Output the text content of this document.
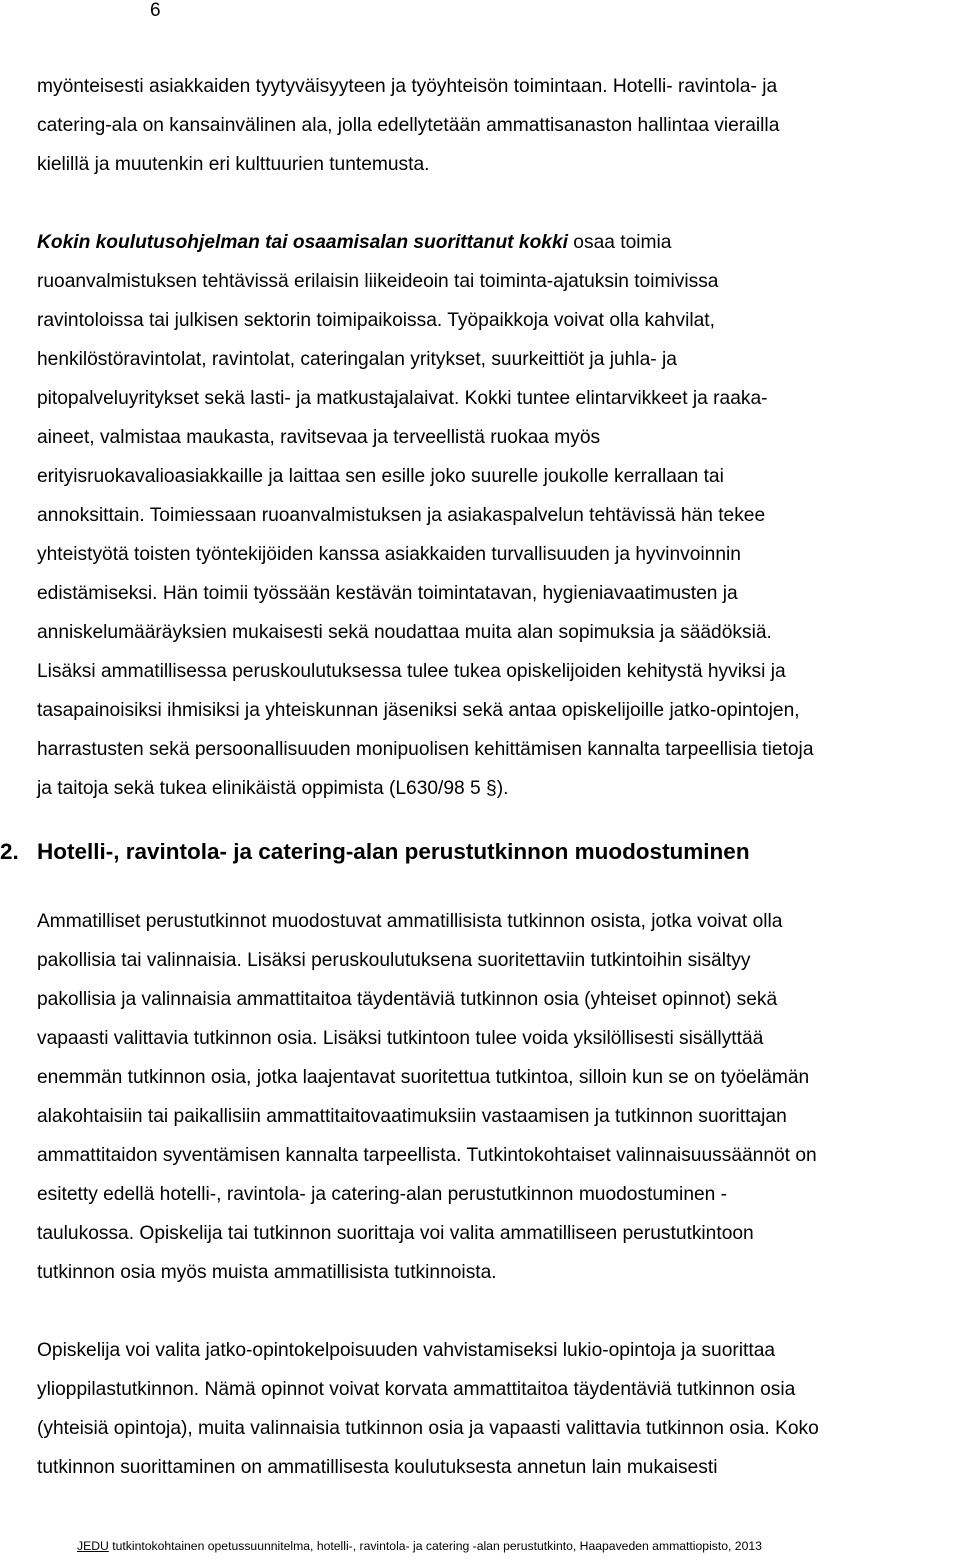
6

myönteisesti asiakkaiden tyytyväisyyteen ja työyhteisön toimintaan. Hotelli- ravintola- ja
catering-ala on kansainvälinen ala, jolla edellytetään ammattisanaston hallintaa vierailla
kielillä ja muutenkin eri kulttuurien tuntemusta.

Kokin koulutusohjelman tai osaamisalan suorittanut kokki osaa toimia
ruoanvalmistuksen tehtävissä erilaisin liikeideoin tai toiminta-ajatuksin toimivissa
ravintoloissa tai julkisen sektorin toimipaikoissa. Työpaikkoja voivat olla kahvilat,
henkilöstöravintolat, ravintolat, cateringalan yritykset, suurkeittiöt ja juhla- ja
pitopalveluyritykset sekä lasti- ja matkustajalaivat. Kokki tuntee elintarvikkeet ja raaka-
aineet, valmistaa maukasta, ravitsevaa ja terveellistä ruokaa myös
erityisruokavalioasiakkaille ja laittaa sen esille joko suurelle joukolle kerrallaan tai
annoksittain. Toimiessaan ruoanvalmistuksen ja asiakaspalvelun tehtävissä hän tekee
yhteistyötä toisten työntekijöiden kanssa asiakkaiden turvallisuuden ja hyvinvoinnin
edistämiseksi. Hän toimii työssään kestävän toimintatavan, hygieniavaatimusten ja
anniskelumääräyksien mukaisesti sekä noudattaa muita alan sopimuksia ja säädöksiä.
Lisäksi ammatillisessa peruskoulutuksessa tulee tukea opiskelijoiden kehitystä hyviksi ja
tasapainoisiksi ihmisiksi ja yhteiskunnan jäseniksi sekä antaa opiskelijoille jatko-opintojen,
harrastusten sekä persoonallisuuden monipuolisen kehittämisen kannalta tarpeellisia tietoja
ja taitoja sekä tukea elinikäistä oppimista (L630/98 5 §).

2. Hotelli-, ravintola- ja catering-alan perustutkinnon muodostuminen

Ammatilliset perustutkinnot muodostuvat ammatillisista tutkinnon osista, jotka voivat olla
pakollisia tai valinnaisia. Lisäksi peruskoulutuksena suoritettaviin tutkintoihin sisältyy
pakollisia ja valinnaisia ammattitaitoa täydentäviä tutkinnon osia (yhteiset opinnot) sekä
vapaasti valittavia tutkinnon osia. Lisäksi tutkintoon tulee voida yksilöllisesti sisällyttää
enemmän tutkinnon osia, jotka laajentavat suoritettua tutkintoa, silloin kun se on työelämän
alakohtaisiin tai paikallisiin ammattitaitovaatimuksiin vastaamisen ja tutkinnon suorittajan
ammattitaidon syventämisen kannalta tarpeellista. Tutkintokohtaiset valinnaisuussäännöt on
esitetty edellä hotelli-, ravintola- ja catering-alan perustutkinnon muodostuminen -
taulukossa. Opiskelija tai tutkinnon suorittaja voi valita ammatilliseen perustutkintoon
tutkinnon osia myös muista ammatillisista tutkinnoista.

Opiskelija voi valita jatko-opintokelpoisuuden vahvistamiseksi lukio-opintoja ja suorittaa
ylioppilastutkinnon. Nämä opinnot voivat korvata ammattitaitoa täydentäviä tutkinnon osia
(yhteisiä opintoja), muita valinnaisia tutkinnon osia ja vapaasti valittavia tutkinnon osia. Koko
tutkinnon suorittaminen on ammatillisesta koulutuksesta annetun lain mukaisesti

JEDU tutkintokohtainen opetussuunnitelma, hotelli-, ravintola- ja catering -alan perustutkinto, Haapaveden ammattiopisto, 2013
